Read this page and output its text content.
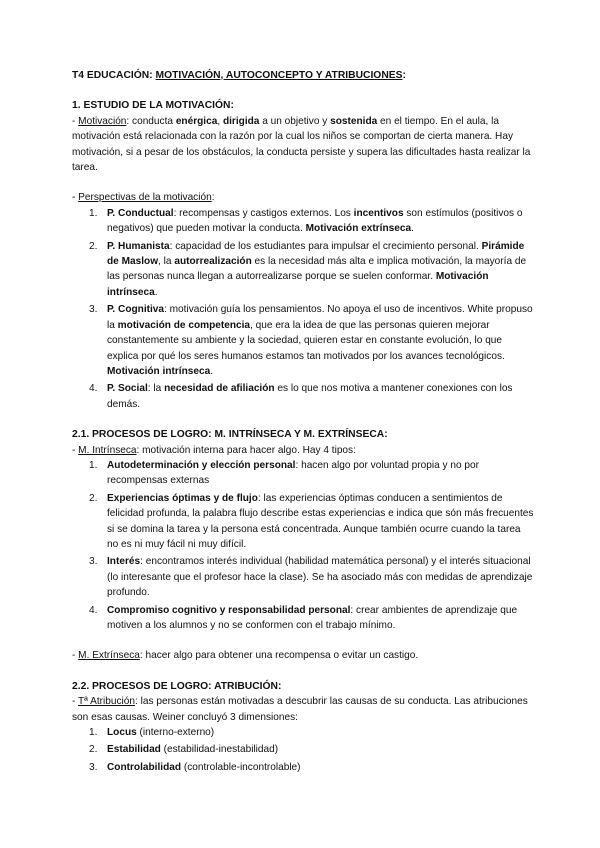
T4 EDUCACIÓN: MOTIVACIÓN, AUTOCONCEPTO Y ATRIBUCIONES:

1. ESTUDIO DE LA MOTIVACIÓN:

- Motivación: conducta enérgica, dirigida a un objetivo y sostenida en el tiempo. En el aula, la motivación está relacionada con la razón por la cual los niños se comportan de cierta manera. Hay motivación, si a pesar de los obstáculos, la conducta persiste y supera las dificultades hasta realizar la tarea.

- Perspectivas de la motivación:

1. P. Conductual: recompensas y castigos externos. Los incentivos son estímulos (positivos o negativos) que pueden motivar la conducta. Motivación extrínseca.
2. P. Humanista: capacidad de los estudiantes para impulsar el crecimiento personal. Pirámide de Maslow, la autorrealización es la necesidad más alta e implica motivación, la mayoría de las personas nunca llegan a autorrealizarse porque se suelen conformar. Motivación intrínseca.
3. P. Cognitiva: motivación guía los pensamientos. No apoya el uso de incentivos. White propuso la motivación de competencia, que era la idea de que las personas quieren mejorar constantemente su ambiente y la sociedad, quieren estar en constante evolución, lo que explica por qué los seres humanos estamos tan motivados por los avances tecnológicos. Motivación intrínseca.
4. P. Social: la necesidad de afiliación es lo que nos motiva a mantener conexiones con los demás.

2.1. PROCESOS DE LOGRO: M. INTRÍNSECA Y M. EXTRÍNSECA:

- M. Intrínseca: motivación interna para hacer algo. Hay 4 tipos:

1. Autodeterminación y elección personal: hacen algo por voluntad propia y no por recompensas externas
2. Experiencias óptimas y de flujo: las experiencias óptimas conducen a sentimientos de felicidad profunda, la palabra flujo describe estas experiencias e indica que són más frecuentes si se domina la tarea y la persona está concentrada. Aunque también ocurre cuando la tarea no es ni muy fácil ni muy difícil.
3. Interés: encontramos interés individual (habilidad matemática personal) y el interés situacional (lo interesante que el profesor hace la clase). Se ha asociado más con medidas de aprendizaje profundo.
4. Compromiso cognitivo y responsabilidad personal: crear ambientes de aprendizaje que motiven a los alumnos y no se conformen con el trabajo mínimo.

- M. Extrínseca: hacer algo para obtener una recompensa o evitar un castigo.

2.2. PROCESOS DE LOGRO: ATRIBUCIÓN:

- Tª Atribución: las personas están motivadas a descubrir las causas de su conducta. Las atribuciones son esas causas. Weiner concluyó 3 dimensiones:

1. Locus (interno-externo)
2. Estabilidad (estabilidad-inestabilidad)
3. Controlabilidad (controlable-incontrolable)
